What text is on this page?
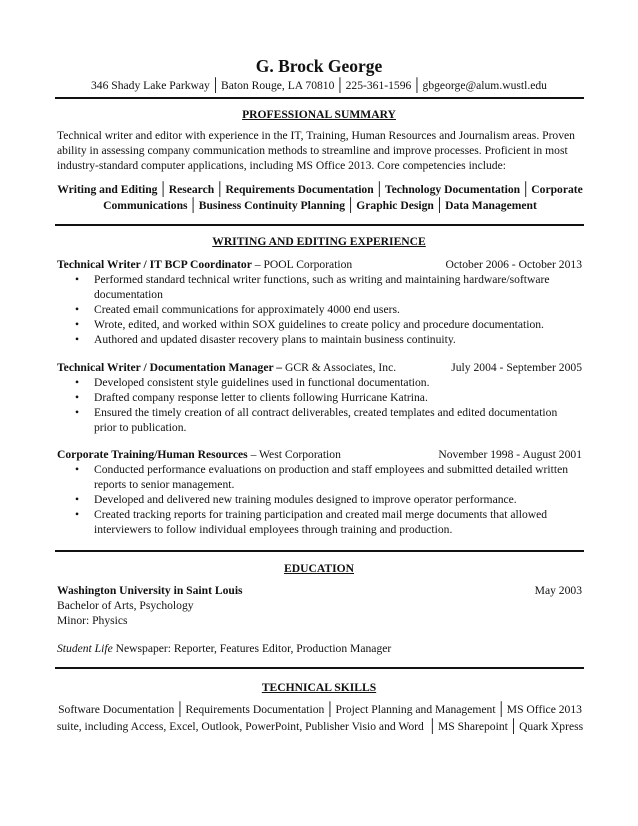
G. Brock George
346 Shady Lake Parkway│Baton Rouge, LA 70810│225-361-1596│gbgeorge@alum.wustl.edu
PROFESSIONAL SUMMARY
Technical writer and editor with experience in the IT, Training, Human Resources and Journalism areas. Proven
ability in assessing company communication methods to streamline and improve processes. Proficient in most
industry-standard computer applications, including MS Office 2013. Core competencies include:
Writing and Editing│Research│Requirements Documentation│Technology Documentation│Corporate Communications│Business Continuity Planning│Graphic Design│Data Management
WRITING AND EDITING EXPERIENCE
Technical Writer / IT BCP Coordinator – POOL Corporation	October 2006 - October 2013
• Performed standard technical writer functions, such as writing and maintaining hardware/software documentation
• Created email communications for approximately 4000 end users.
• Wrote, edited, and worked within SOX guidelines to create policy and procedure documentation.
• Authored and updated disaster recovery plans to maintain business continuity.
Technical Writer / Documentation Manager – GCR & Associates, Inc.	July 2004 - September 2005
• Developed consistent style guidelines used in functional documentation.
• Drafted company response letter to clients following Hurricane Katrina.
• Ensured the timely creation of all contract deliverables, created templates and edited documentation prior to publication.
Corporate Training/Human Resources – West Corporation	November 1998 - August 2001
• Conducted performance evaluations on production and staff employees and submitted detailed written reports to senior management.
• Developed and delivered new training modules designed to improve operator performance.
• Created tracking reports for training participation and created mail merge documents that allowed interviewers to follow individual employees through training and production.
EDUCATION
Washington University in Saint Louis	May 2003
Bachelor of Arts, Psychology
Minor: Physics
Student Life Newspaper: Reporter, Features Editor, Production Manager
TECHNICAL SKILLS
Software Documentation│Requirements Documentation│Project Planning and Management│MS Office 2013 suite, including Access, Excel, Outlook, PowerPoint, Publisher Visio and Word │MS Sharepoint│Quark Xpress
